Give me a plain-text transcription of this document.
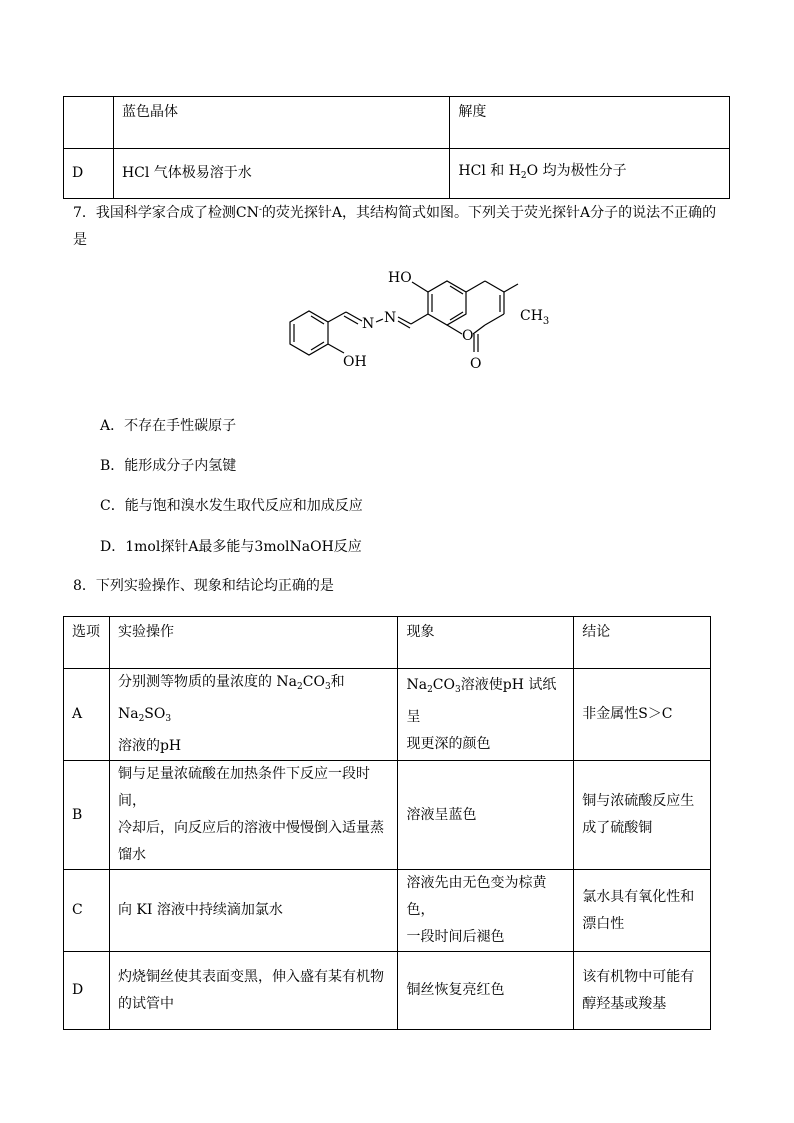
	蓝色晶体	解度
D	HCl 气体极易溶于水	HCl 和 $H_2O$ 均为极性分子
7．我国科学家合成了检测CN-的荧光探针A，其结构简式如图。下列关于荧光探针A分子的说法不正确的
是
HO
N N	$CH_3$
OH
O
O
A．不存在手性碳原子
B．能形成分子内氢键
C．能与饱和溴水发生取代反应和加成反应
D．1mol探针A最多能与3molNaOH反应
8．下列实验操作、现象和结论均正确的是
选项	实验操作	现象	结论
A	分别测等物质的量浓度的 $Na_2CO_3$和 $Na_2SO_3$
溶液的pH	$Na_2CO_3$溶液使pH 试纸呈
现更深的颜色	非金属性S＞C
B	铜与足量浓硫酸在加热条件下反应一段时间，
冷却后，向反应后的溶液中慢慢倒入适量蒸
馏水	溶液呈蓝色	铜与浓硫酸反应生
成了硫酸铜
C	向 KI 溶液中持续滴加氯水	溶液先由无色变为棕黄色，
一段时间后褪色	氯水具有氧化性和
漂白性
D	灼烧铜丝使其表面变黑，伸入盛有某有机物
的试管中	铜丝恢复亮红色	该有机物中可能有
醇羟基或羧基
